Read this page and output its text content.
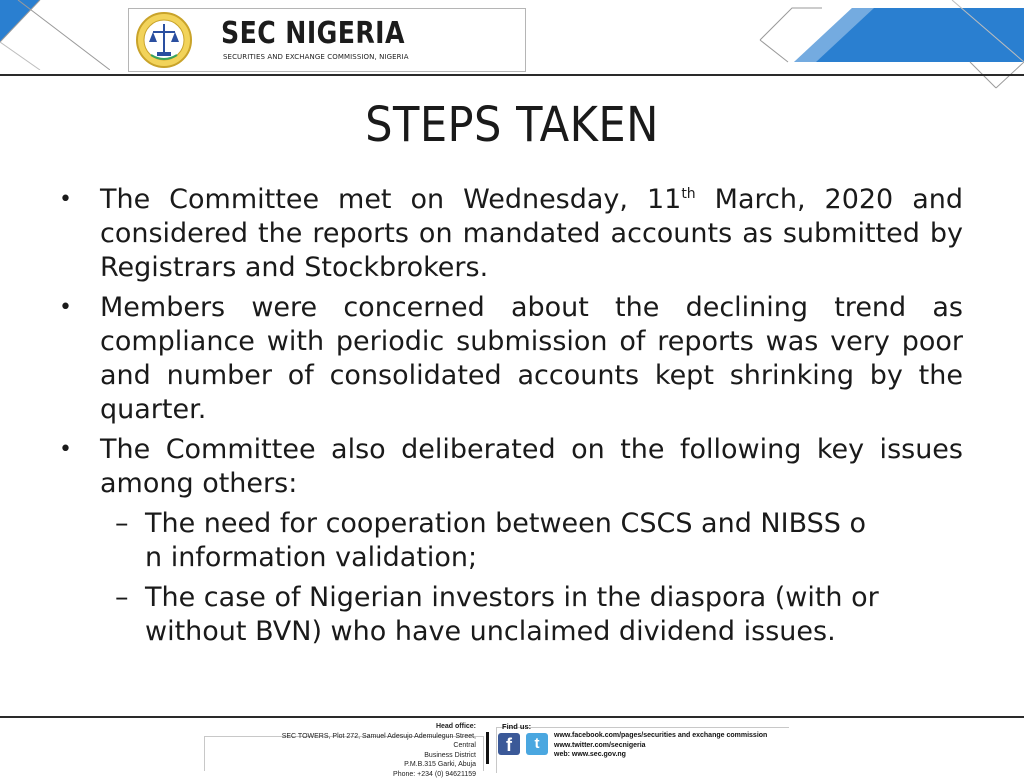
SEC NIGERIA
SECURITIES AND EXCHANGE COMMISSION, NIGERIA
STEPS TAKEN
• The Committee met on Wednesday, 11th March, 2020 and considered the reports on mandated accounts as submitted by Registrars and Stockbrokers.
• Members were concerned about the declining trend as compliance with periodic submission of reports was very poor and number of consolidated accounts kept shrinking by the quarter.
• The Committee also deliberated on the following key issues among others:
– The need for cooperation between CSCS and NIBSS o
n information validation;
– The case of Nigerian investors in the diaspora (with or
without BVN) who have unclaimed dividend issues.
Head office:
SEC TOWERS, Plot 272, Samuel Adesujo Ademulegun Street, Central
Business District
P.M.B.315 Garki, Abuja
Phone: +234 (0) 94621159
Find us:
f	t	www.facebook.com/pages/securities and exchange commission
www.twitter.com/secnigeria
web: www.sec.gov.ng
